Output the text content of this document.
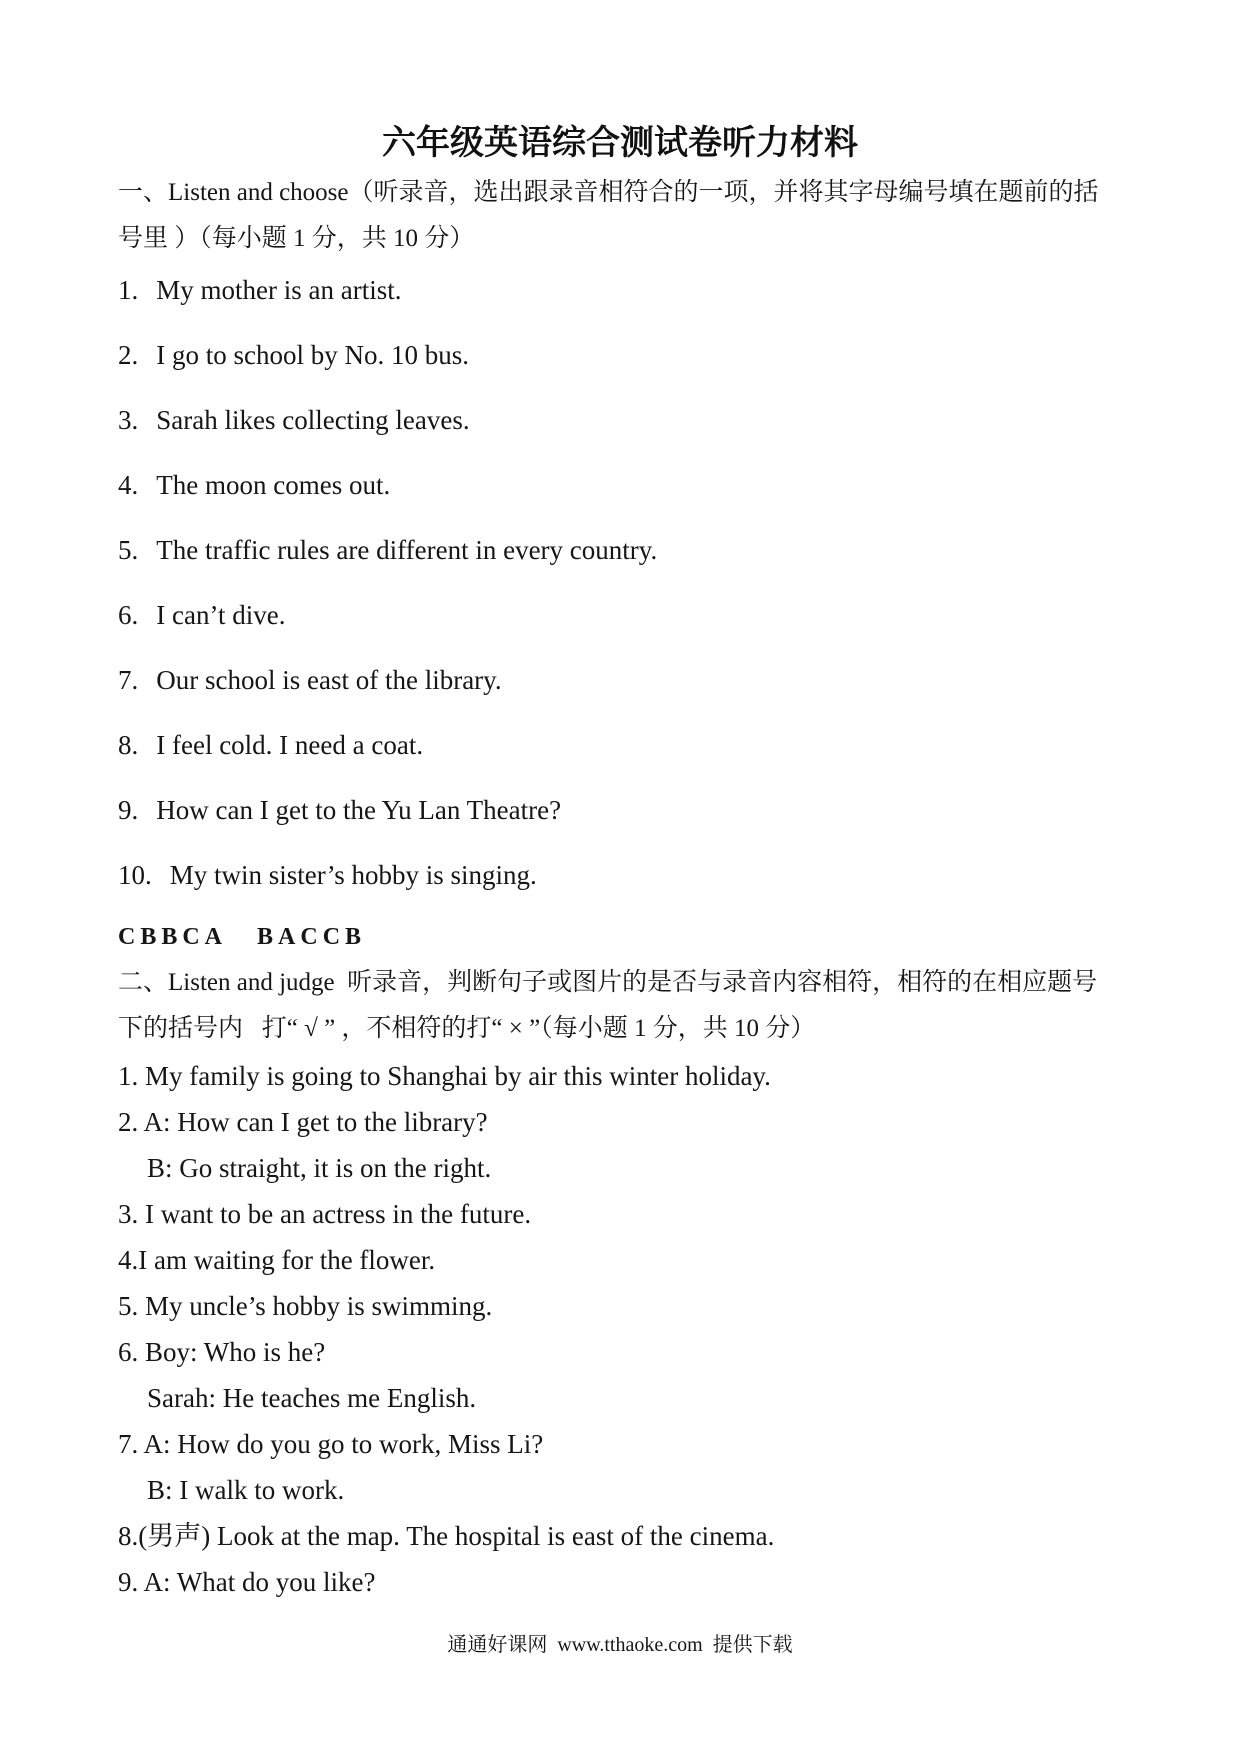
六年级英语综合测试卷听力材料
一、Listen and choose（听录音，选出跟录音相符合的一项，并将其字母编号填在题前的括
号里 ）（每小题 1 分，共 10 分）
1. My mother is an artist.
2. I go to school by No. 10 bus.
3. Sarah likes collecting leaves.
4. The moon comes out.
5. The traffic rules are different in every country.
6. I can’t dive.
7. Our school is east of the library.
8. I feel cold. I need a coat.
9. How can I get to the Yu Lan Theatre?
10. My twin sister’s hobby is singing.
CBBCA BACCB
二、Listen and judge  听录音，判断句子或图片的是否与录音内容相符，相符的在相应题号
下的括号内   打“ √ ” ，不相符的打“ × ”（每小题 1 分，共 10 分）
1. My family is going to Shanghai by air this winter holiday.
2. A: How can I get to the library?
B: Go straight, it is on the right.
3. I want to be an actress in the future.
4.I am waiting for the flower.
5. My uncle’s hobby is swimming.
6. Boy: Who is he?
Sarah: He teaches me English.
7. A: How do you go to work, Miss Li?
B: I walk to work.
8.(男声) Look at the map. The hospital is east of the cinema.
9. A: What do you like?
通通好课网  www.tthaoke.com  提供下载
